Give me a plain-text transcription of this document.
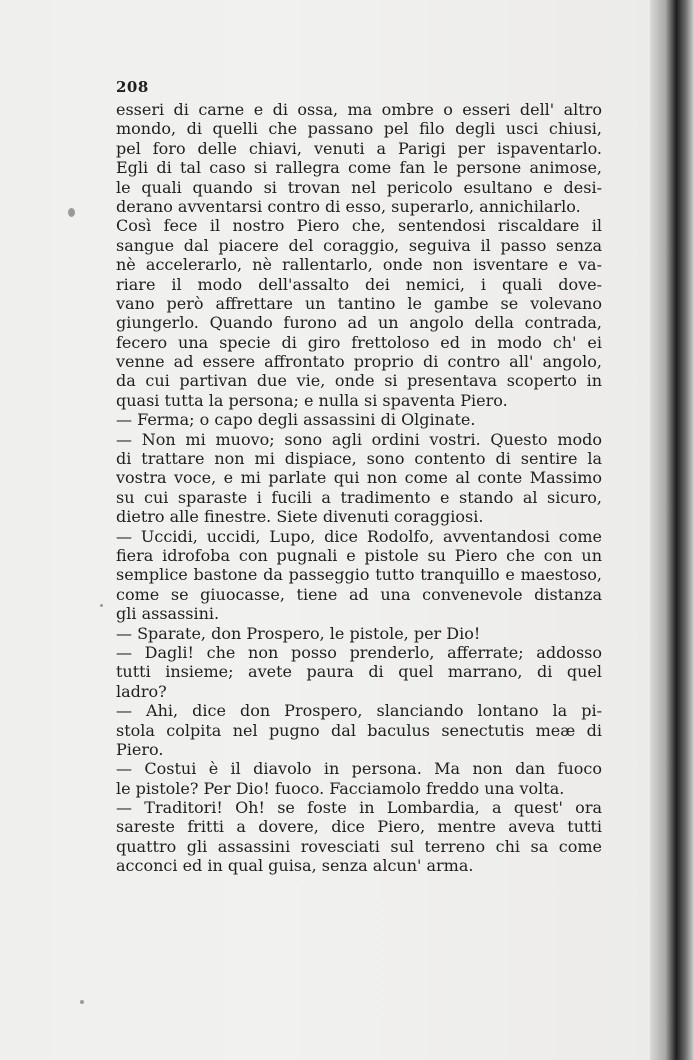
208
esseri di carne e di ossa, ma ombre o esseri dell' altro
mondo, di quelli che passano pel filo degli usci chiusi,
pel foro delle chiavi, venuti a Parigi per ispaventarlo.
Egli di tal caso si rallegra come fan le persone animose,
le quali quando si trovan nel pericolo esultano e desi-
derano avventarsi contro di esso, superarlo, annichilarlo.
Così fece il nostro Piero che, sentendosi riscaldare il
sangue dal piacere del coraggio, seguiva il passo senza
nè accelerarlo, nè rallentarlo, onde non isventare e va-
riare il modo dell'assalto dei nemici, i quali dove-
vano però affrettare un tantino le gambe se volevano
giungerlo. Quando furono ad un angolo della contrada,
fecero una specie di giro frettoloso ed in modo ch' ei
venne ad essere affrontato proprio di contro all' angolo,
da cui partivan due vie, onde si presentava scoperto in
quasi tutta la persona; e nulla si spaventa Piero.
— Ferma; o capo degli assassini di Olginate.
— Non mi muovo; sono agli ordini vostri. Questo modo
di trattare non mi dispiace, sono contento di sentire la
vostra voce, e mi parlate qui non come al conte Massimo
su cui sparaste i fucili a tradimento e stando al sicuro,
dietro alle finestre. Siete divenuti coraggiosi.
— Uccidi, uccidi, Lupo, dice Rodolfo, avventandosi come
fiera idrofoba con pugnali e pistole su Piero che con un
semplice bastone da passeggio tutto tranquillo e maestoso,
come se giuocasse, tiene ad una convenevole distanza
gli assassini.
— Sparate, don Prospero, le pistole, per Dio!
— Dagli! che non posso prenderlo, afferrate; addosso
tutti insieme; avete paura di quel marrano, di quel
ladro?
— Ahi, dice don Prospero, slanciando lontano la pi-
stola colpita nel pugno dal baculus senectutis meæ di
Piero.
— Costui è il diavolo in persona. Ma non dan fuoco
le pistole? Per Dio! fuoco. Facciamolo freddo una volta.
— Traditori! Oh! se foste in Lombardia, a quest' ora
sareste fritti a dovere, dice Piero, mentre aveva tutti
quattro gli assassini rovesciati sul terreno chi sa come
acconci ed in qual guisa, senza alcun' arma.
